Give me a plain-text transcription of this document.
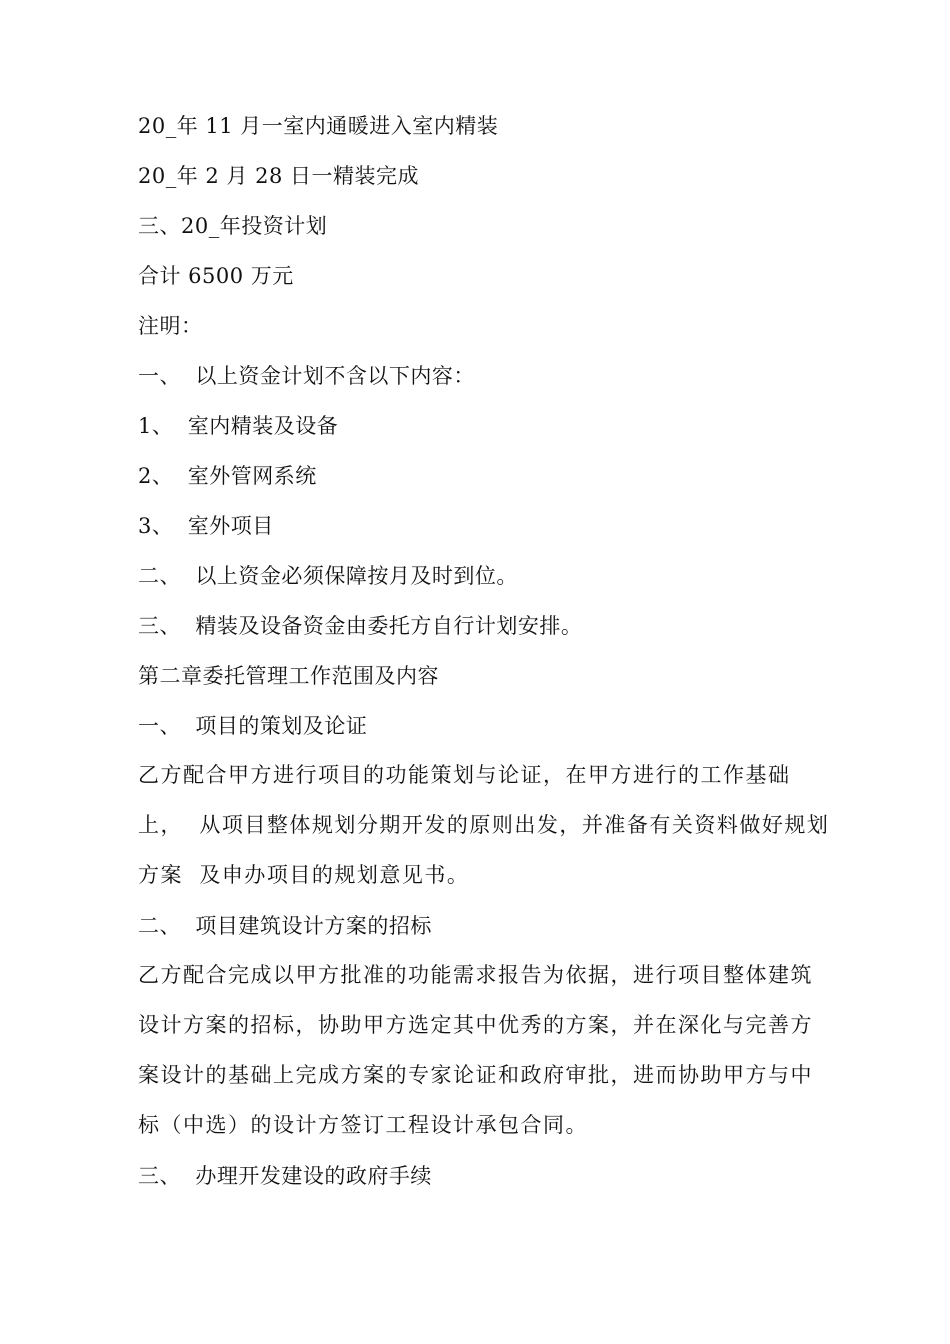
20_年 11 月一室内通暖进入室内精装
20_年 2 月 28 日一精装完成
三、20_年投资计划
合计 6500 万元
注明：
一、  以上资金计划不含以下内容：
1、  室内精装及设备
2、  室外管网系统
3、  室外项目
二、  以上资金必须保障按月及时到位。
三、  精装及设备资金由委托方自行计划安排。
第二章委托管理工作范围及内容
一、  项目的策划及论证
乙方配合甲方进行项目的功能策划与论证，在甲方进行的工作基础
上，  从项目整体规划分期开发的原则出发，并准备有关资料做好规划
方案  及申办项目的规划意见书。
二、  项目建筑设计方案的招标
乙方配合完成以甲方批准的功能需求报告为依据，进行项目整体建筑
设计方案的招标，协助甲方选定其中优秀的方案，并在深化与完善方
案设计的基础上完成方案的专家论证和政府审批，进而协助甲方与中
标（中选）的设计方签订工程设计承包合同。
三、  办理开发建设的政府手续
